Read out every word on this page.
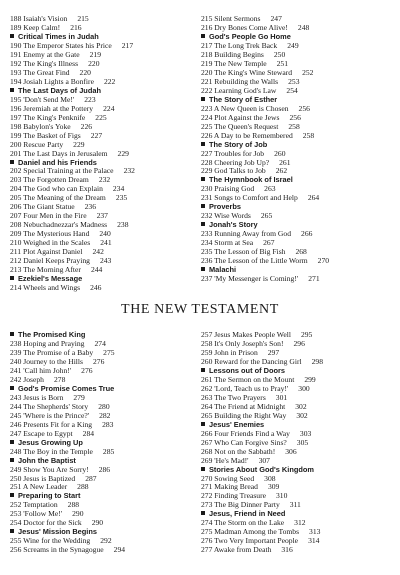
188 Isaiah's Vision 215
189 Keep Calm! 216
Critical Times in Judah
190 The Emperor States his Price 217
191 Enemy at the Gate 219
192 The King's Illness 220
193 The Great Find 220
194 Josiah Lights a Bonfire 222
The Last Days of Judah
195 'Don't Send Me!' 223
196 Jeremiah at the Pottery 224
197 The King's Penknife 225
198 Babylon's Yoke 226
199 The Basket of Figs 227
200 Rescue Party 229
201 The Last Days in Jerusalem 229
Daniel and his Friends
202 Special Training at the Palace 232
203 The Forgotten Dream 232
204 The God who can Explain 234
205 The Meaning of the Dream 235
206 The Giant Statue 236
207 Four Men in the Fire 237
208 Nebuchadnezzar's Madness 238
209 The Mysterious Hand 240
210 Weighed in the Scales 241
211 Plot Against Daniel 242
212 Daniel Keeps Praying 243
213 The Morning After 244
Ezekiel's Message
214 Wheels and Wings 246
215 Silent Sermons 247
216 Dry Bones Come Alive! 248
God's People Go Home
217 The Long Trek Back 249
218 Building Begins 250
219 The New Temple 251
220 The King's Wine Steward 252
221 Rebuilding the Walls 253
222 Learning God's Law 254
The Story of Esther
223 A New Queen is Chosen 256
224 Plot Against the Jews 256
225 The Queen's Request 258
226 A Day to be Remembered 258
The Story of Job
227 Troubles for Job 260
228 Cheering Job Up? 261
229 God Talks to Job 262
The Hymnbook of Israel
230 Praising God 263
231 Songs to Comfort and Help 264
Proverbs
232 Wise Words 265
Jonah's Story
233 Running Away from God 266
234 Storm at Sea 267
235 The Lesson of Big Fish 268
236 The Lesson of the Little Worm 270
Malachi
237 'My Messenger is Coming!' 271
THE NEW TESTAMENT
The Promised King
238 Hoping and Praying 274
239 The Promise of a Baby 275
240 Journey to the Hills 276
241 'Call him John!' 276
242 Joseph 278
God's Promise Comes True
243 Jesus is Born 279
244 The Shepherds' Story 280
245 'Where is the Prince?' 282
246 Presents Fit for a King 283
247 Escape to Egypt 284
Jesus Growing Up
248 The Boy in the Temple 285
John the Baptist
249 Show You Are Sorry! 286
250 Jesus is Baptized 287
251 A New Leader 288
Preparing to Start
252 Temptation 288
253 'Follow Me!' 290
254 Doctor for the Sick 290
Jesus' Mission Begins
255 Wine for the Wedding 292
256 Screams in the Synagogue 294
257 Jesus Makes People Well 295
258 It's Only Joseph's Son! 296
259 John in Prison 297
260 Reward for the Dancing Girl 298
Lessons out of Doors
261 The Sermon on the Mount 299
262 'Lord, Teach us to Pray!' 300
263 The Two Prayers 301
264 The Friend at Midnight 302
265 Building the Right Way 302
Jesus' Enemies
266 Four Friends Find a Way 303
267 Who Can Forgive Sins? 305
268 Not on the Sabbath! 306
269 'He's Mad!' 307
Stories About God's Kingdom
270 Sowing Seed 308
271 Making Bread 309
272 Finding Treasure 310
273 The Big Dinner Party 311
Jesus, Friend in Need
274 The Storm on the Lake 312
275 Madman Among the Tombs 313
276 Two Very Important People 314
277 Awake from Death 316
